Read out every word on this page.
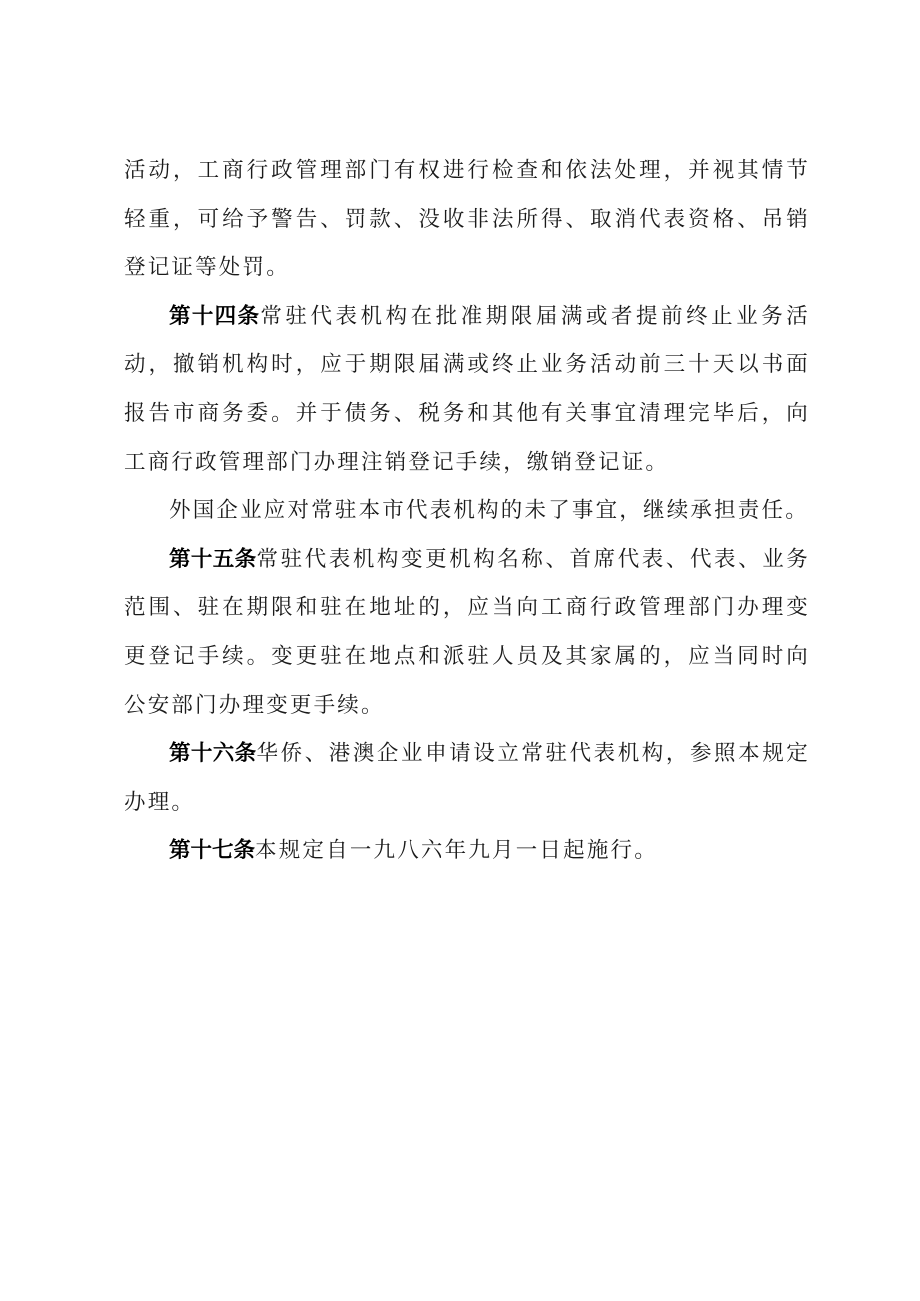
活动，工商行政管理部门有权进行检查和依法处理，并视其情节轻重，可给予警告、罚款、没收非法所得、取消代表资格、吊销登记证等处罚。

第十四条常驻代表机构在批准期限届满或者提前终止业务活动，撤销机构时，应于期限届满或终止业务活动前三十天以书面报告市商务委。并于债务、税务和其他有关事宜清理完毕后，向工商行政管理部门办理注销登记手续，缴销登记证。

外国企业应对常驻本市代表机构的未了事宜，继续承担责任。

第十五条常驻代表机构变更机构名称、首席代表、代表、业务范围、驻在期限和驻在地址的，应当向工商行政管理部门办理变更登记手续。变更驻在地点和派驻人员及其家属的，应当同时向公安部门办理变更手续。

第十六条华侨、港澳企业申请设立常驻代表机构，参照本规定办理。

第十七条本规定自一九八六年九月一日起施行。
